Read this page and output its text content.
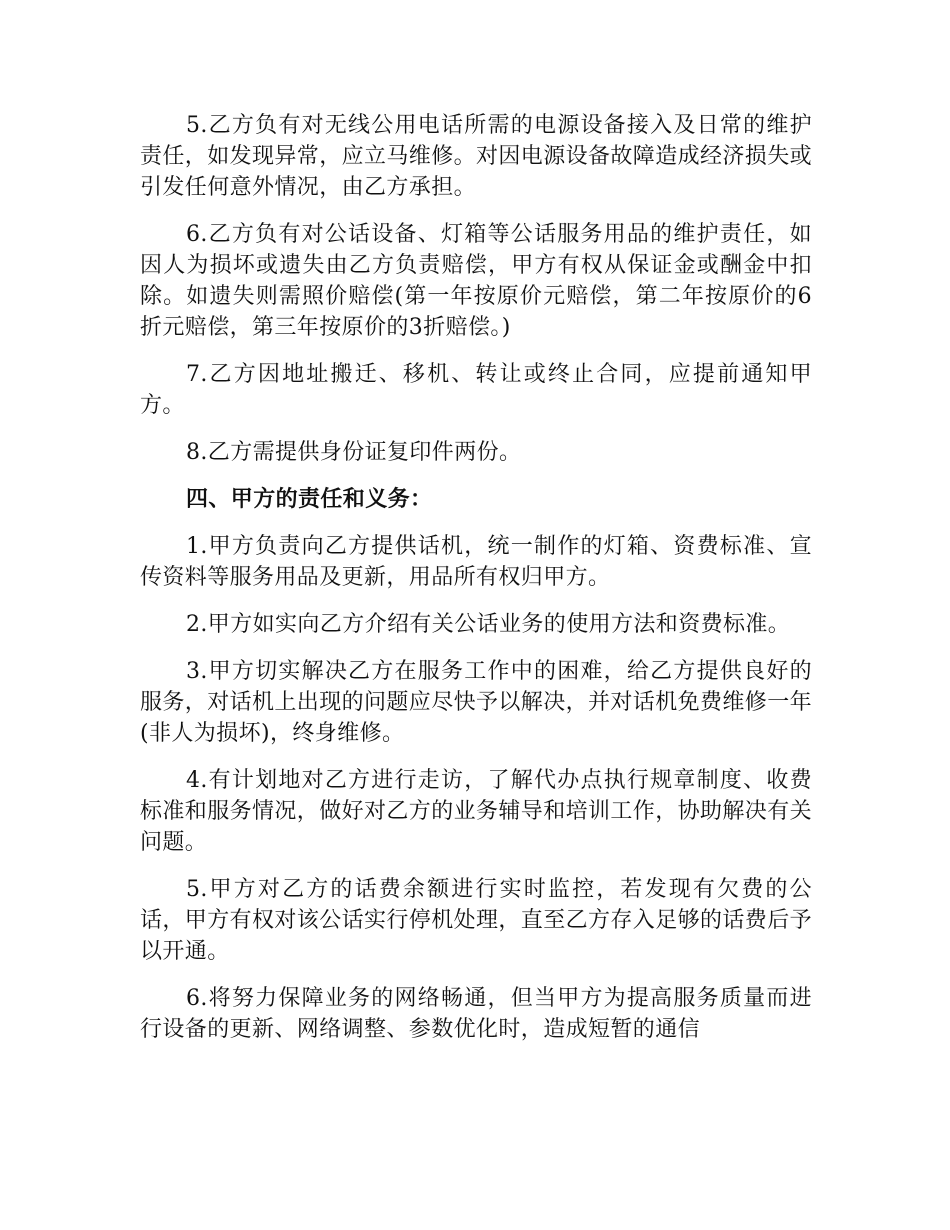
5.乙方负有对无线公用电话所需的电源设备接入及日常的维护责任，如发现异常，应立马维修。对因电源设备故障造成经济损失或引发任何意外情况，由乙方承担。

6.乙方负有对公话设备、灯箱等公话服务用品的维护责任，如因人为损坏或遗失由乙方负责赔偿，甲方有权从保证金或酬金中扣除。如遗失则需照价赔偿(第一年按原价元赔偿，第二年按原价的6折元赔偿，第三年按原价的3折赔偿。)

7.乙方因地址搬迁、移机、转让或终止合同，应提前通知甲方。

8.乙方需提供身份证复印件两份。

四、甲方的责任和义务：

1.甲方负责向乙方提供话机，统一制作的灯箱、资费标准、宣传资料等服务用品及更新，用品所有权归甲方。

2.甲方如实向乙方介绍有关公话业务的使用方法和资费标准。

3.甲方切实解决乙方在服务工作中的困难，给乙方提供良好的服务，对话机上出现的问题应尽快予以解决，并对话机免费维修一年(非人为损坏)，终身维修。

4.有计划地对乙方进行走访，了解代办点执行规章制度、收费标准和服务情况，做好对乙方的业务辅导和培训工作，协助解决有关问题。

5.甲方对乙方的话费余额进行实时监控，若发现有欠费的公话，甲方有权对该公话实行停机处理，直至乙方存入足够的话费后予以开通。

6.将努力保障业务的网络畅通，但当甲方为提高服务质量而进行设备的更新、网络调整、参数优化时，造成短暂的通信
